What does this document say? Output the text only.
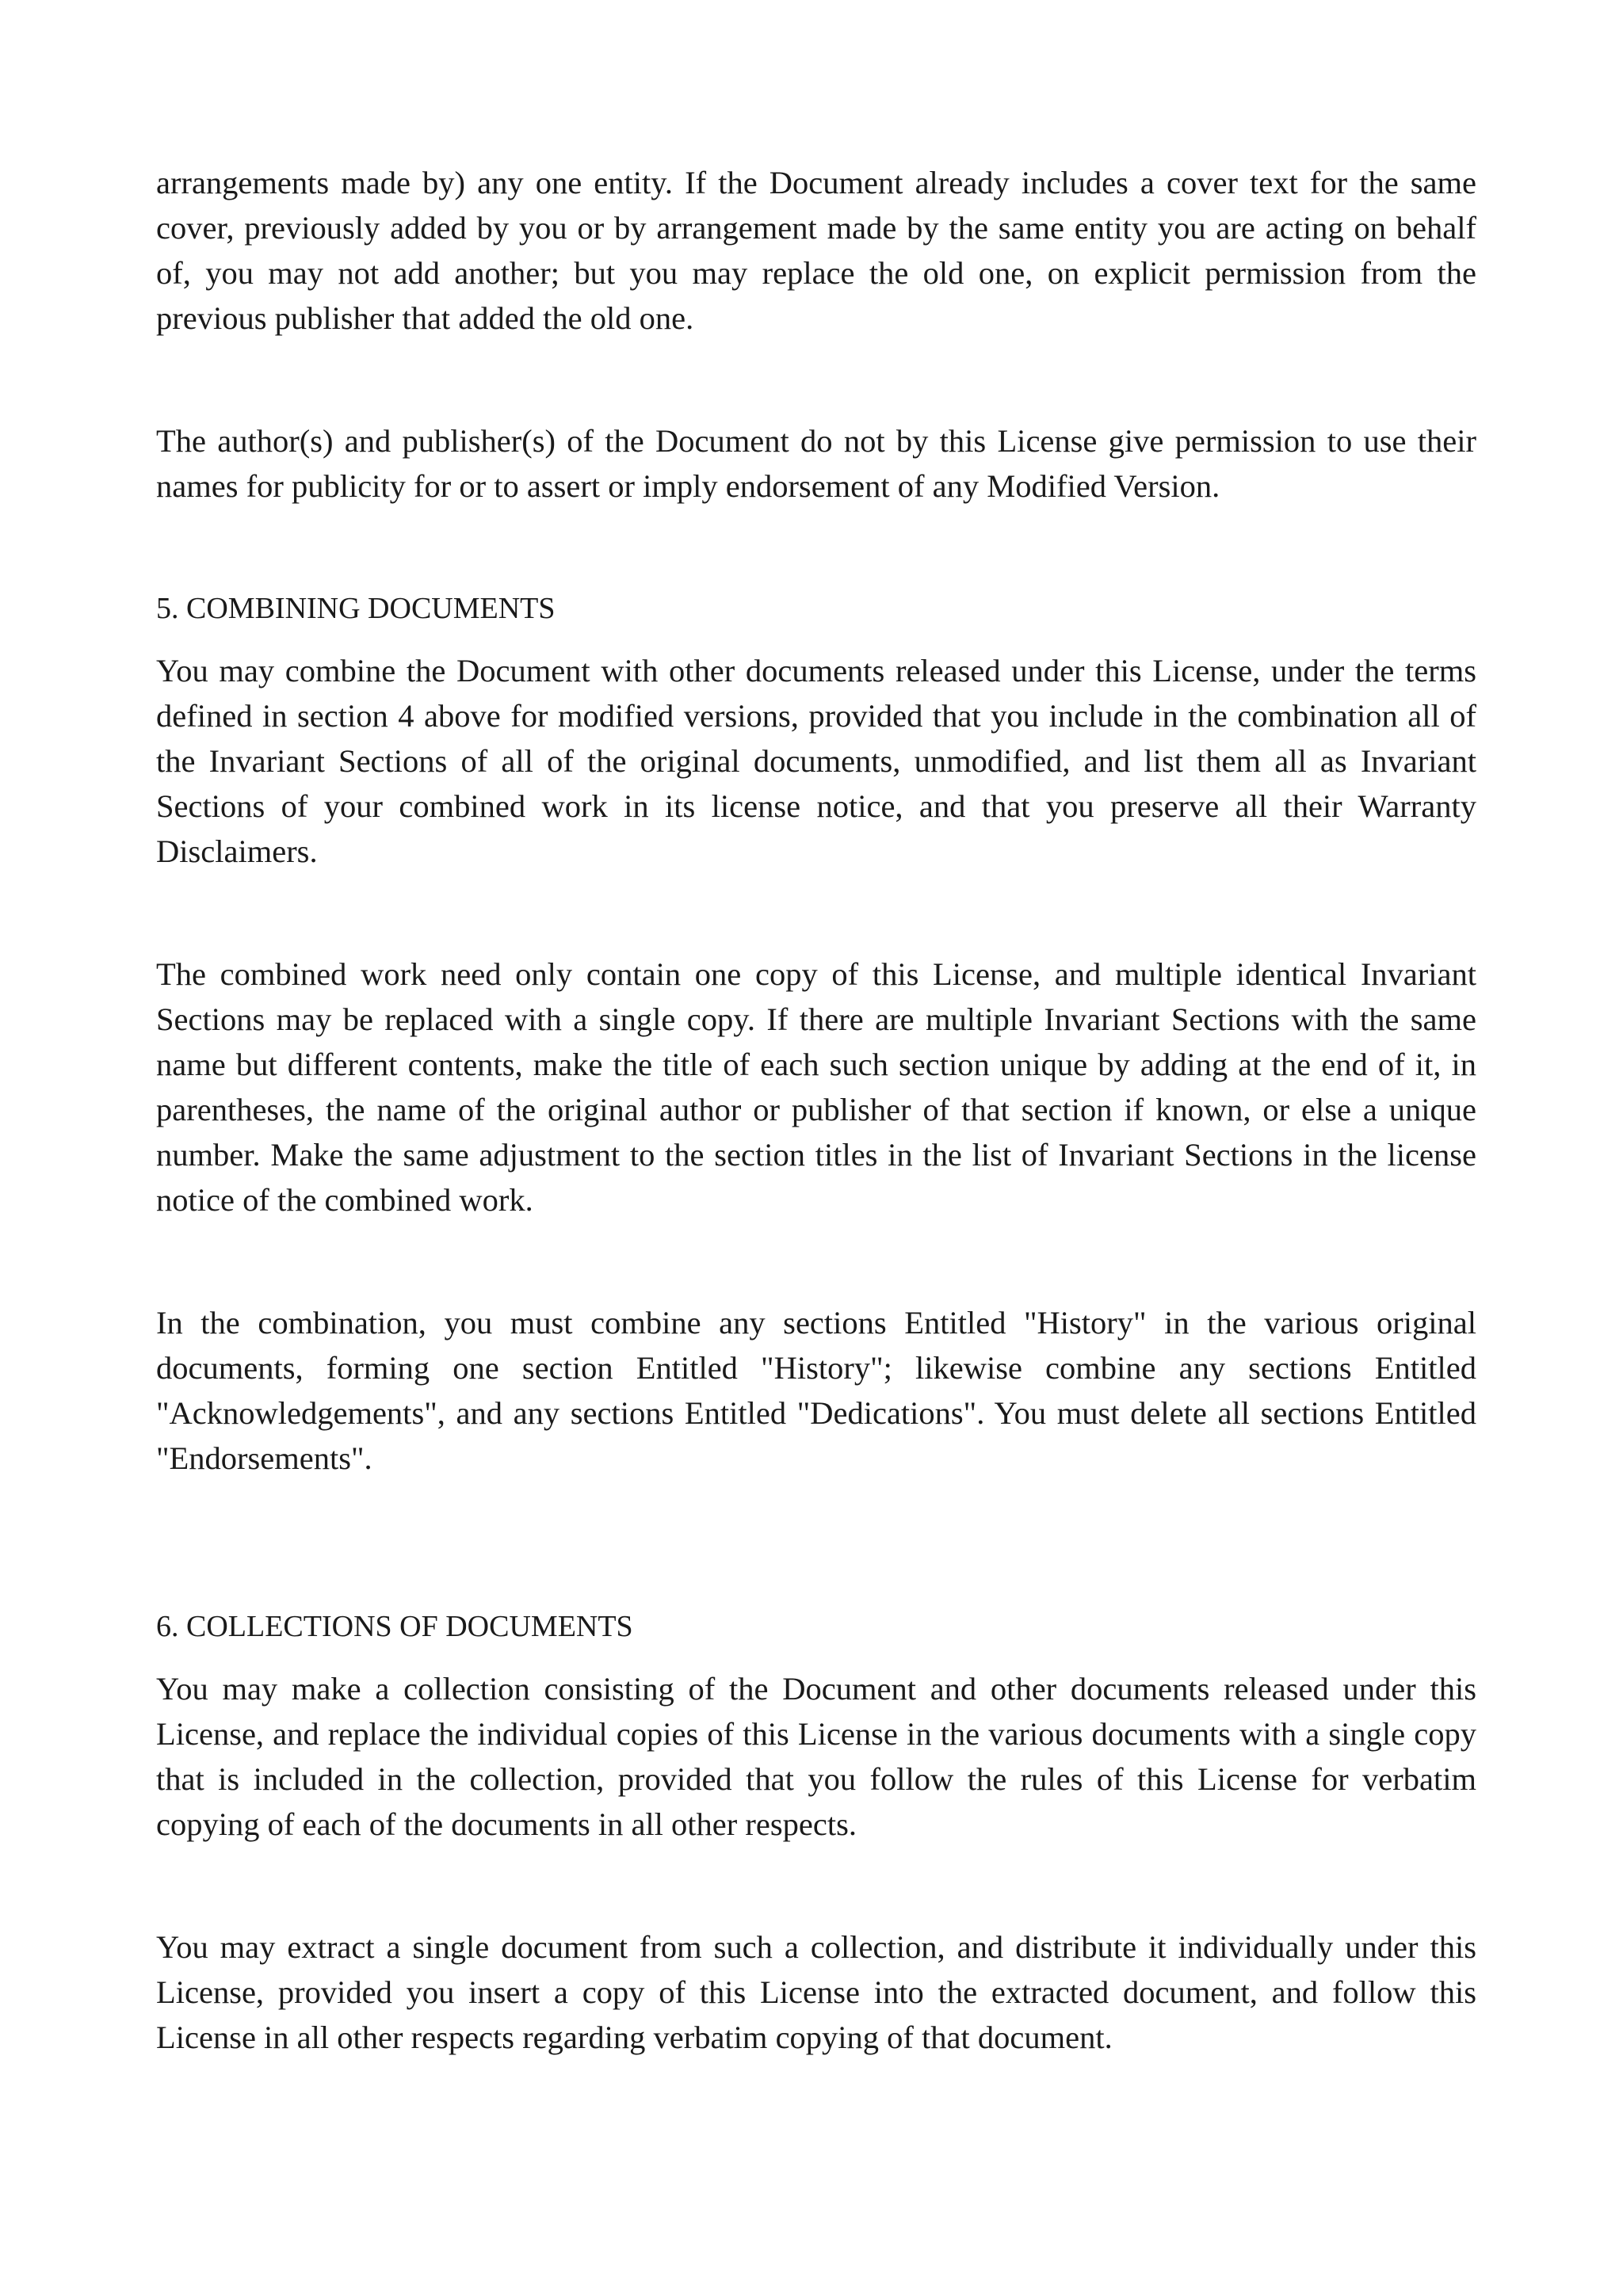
arrangements made by) any one entity. If the Document already includes a cover text for the same cover, previously added by you or by arrangement made by the same entity you are acting on behalf of, you may not add another; but you may replace the old one, on explicit permission from the previous publisher that added the old one.

The author(s) and publisher(s) of the Document do not by this License give permission to use their names for publicity for or to assert or imply endorsement of any Modified Version.

5. COMBINING DOCUMENTS

You may combine the Document with other documents released under this License, under the terms defined in section 4 above for modified versions, provided that you include in the combination all of the Invariant Sections of all of the original documents, unmodified, and list them all as Invariant Sections of your combined work in its license notice, and that you preserve all their Warranty Disclaimers.

The combined work need only contain one copy of this License, and multiple identical Invariant Sections may be replaced with a single copy. If there are multiple Invariant Sections with the same name but different contents, make the title of each such section unique by adding at the end of it, in parentheses, the name of the original author or publisher of that section if known, or else a unique number. Make the same adjustment to the section titles in the list of Invariant Sections in the license notice of the combined work.

In the combination, you must combine any sections Entitled "History" in the various original documents, forming one section Entitled "History"; likewise combine any sections Entitled "Acknowledgements", and any sections Entitled "Dedications". You must delete all sections Entitled "Endorsements".

6. COLLECTIONS OF DOCUMENTS

You may make a collection consisting of the Document and other documents released under this License, and replace the individual copies of this License in the various documents with a single copy that is included in the collection, provided that you follow the rules of this License for verbatim copying of each of the documents in all other respects.

You may extract a single document from such a collection, and distribute it individually under this License, provided you insert a copy of this License into the extracted document, and follow this License in all other respects regarding verbatim copying of that document.
